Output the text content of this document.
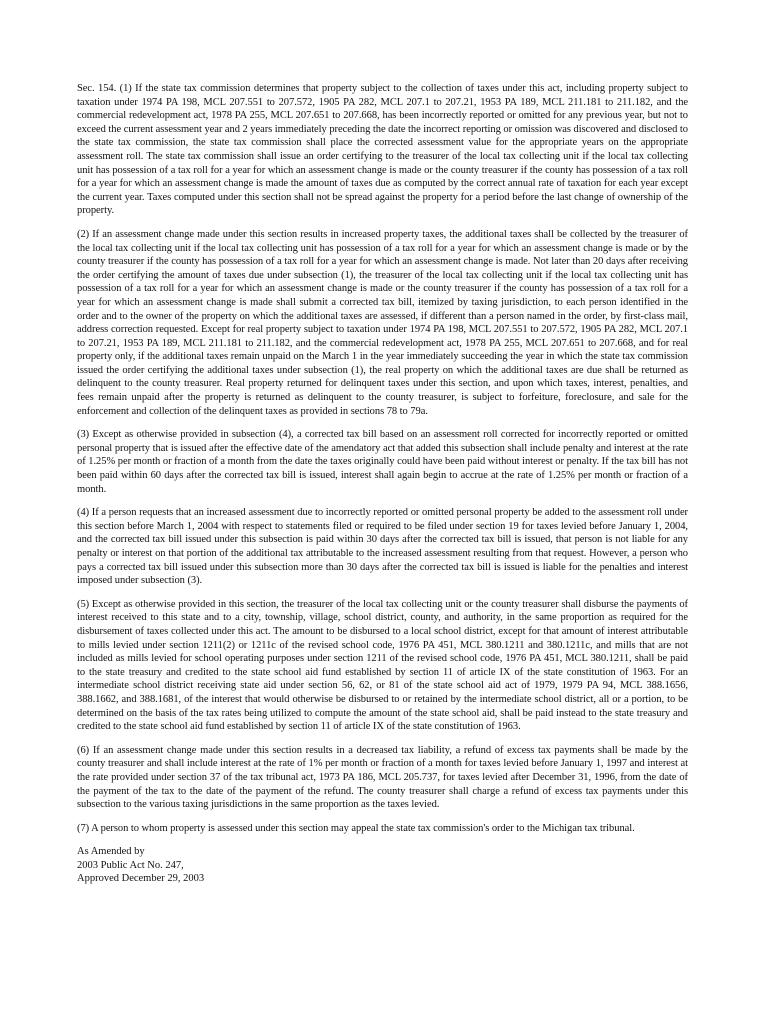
Sec. 154. (1) If the state tax commission determines that property subject to the collection of taxes under this act, including property subject to taxation under 1974 PA 198, MCL 207.551 to 207.572, 1905 PA 282, MCL 207.1 to 207.21, 1953 PA 189, MCL 211.181 to 211.182, and the commercial redevelopment act, 1978 PA 255, MCL 207.651 to 207.668, has been incorrectly reported or omitted for any previous year, but not to exceed the current assessment year and 2 years immediately preceding the date the incorrect reporting or omission was discovered and disclosed to the state tax commission, the state tax commission shall place the corrected assessment value for the appropriate years on the appropriate assessment roll. The state tax commission shall issue an order certifying to the treasurer of the local tax collecting unit if the local tax collecting unit has possession of a tax roll for a year for which an assessment change is made or the county treasurer if the county has possession of a tax roll for a year for which an assessment change is made the amount of taxes due as computed by the correct annual rate of taxation for each year except the current year. Taxes computed under this section shall not be spread against the property for a period before the last change of ownership of the property.

(2) If an assessment change made under this section results in increased property taxes, the additional taxes shall be collected by the treasurer of the local tax collecting unit if the local tax collecting unit has possession of a tax roll for a year for which an assessment change is made or by the county treasurer if the county has possession of a tax roll for a year for which an assessment change is made. Not later than 20 days after receiving the order certifying the amount of taxes due under subsection (1), the treasurer of the local tax collecting unit if the local tax collecting unit has possession of a tax roll for a year for which an assessment change is made or the county treasurer if the county has possession of a tax roll for a year for which an assessment change is made shall submit a corrected tax bill, itemized by taxing jurisdiction, to each person identified in the order and to the owner of the property on which the additional taxes are assessed, if different than a person named in the order, by first-class mail, address correction requested. Except for real property subject to taxation under 1974 PA 198, MCL 207.551 to 207.572, 1905 PA 282, MCL 207.1 to 207.21, 1953 PA 189, MCL 211.181 to 211.182, and the commercial redevelopment act, 1978 PA 255, MCL 207.651 to 207.668, and for real property only, if the additional taxes remain unpaid on the March 1 in the year immediately succeeding the year in which the state tax commission issued the order certifying the additional taxes under subsection (1), the real property on which the additional taxes are due shall be returned as delinquent to the county treasurer. Real property returned for delinquent taxes under this section, and upon which taxes, interest, penalties, and fees remain unpaid after the property is returned as delinquent to the county treasurer, is subject to forfeiture, foreclosure, and sale for the enforcement and collection of the delinquent taxes as provided in sections 78 to 79a.

(3) Except as otherwise provided in subsection (4), a corrected tax bill based on an assessment roll corrected for incorrectly reported or omitted personal property that is issued after the effective date of the amendatory act that added this subsection shall include penalty and interest at the rate of 1.25% per month or fraction of a month from the date the taxes originally could have been paid without interest or penalty. If the tax bill has not been paid within 60 days after the corrected tax bill is issued, interest shall again begin to accrue at the rate of 1.25% per month or fraction of a month.

(4) If a person requests that an increased assessment due to incorrectly reported or omitted personal property be added to the assessment roll under this section before March 1, 2004 with respect to statements filed or required to be filed under section 19 for taxes levied before January 1, 2004, and the corrected tax bill issued under this subsection is paid within 30 days after the corrected tax bill is issued, that person is not liable for any penalty or interest on that portion of the additional tax attributable to the increased assessment resulting from that request. However, a person who pays a corrected tax bill issued under this subsection more than 30 days after the corrected tax bill is issued is liable for the penalties and interest imposed under subsection (3).

(5) Except as otherwise provided in this section, the treasurer of the local tax collecting unit or the county treasurer shall disburse the payments of interest received to this state and to a city, township, village, school district, county, and authority, in the same proportion as required for the disbursement of taxes collected under this act. The amount to be disbursed to a local school district, except for that amount of interest attributable to mills levied under section 1211(2) or 1211c of the revised school code, 1976 PA 451, MCL 380.1211 and 380.1211c, and mills that are not included as mills levied for school operating purposes under section 1211 of the revised school code, 1976 PA 451, MCL 380.1211, shall be paid to the state treasury and credited to the state school aid fund established by section 11 of article IX of the state constitution of 1963. For an intermediate school district receiving state aid under section 56, 62, or 81 of the state school aid act of 1979, 1979 PA 94, MCL 388.1656, 388.1662, and 388.1681, of the interest that would otherwise be disbursed to or retained by the intermediate school district, all or a portion, to be determined on the basis of the tax rates being utilized to compute the amount of the state school aid, shall be paid instead to the state treasury and credited to the state school aid fund established by section 11 of article IX of the state constitution of 1963.

(6) If an assessment change made under this section results in a decreased tax liability, a refund of excess tax payments shall be made by the county treasurer and shall include interest at the rate of 1% per month or fraction of a month for taxes levied before January 1, 1997 and interest at the rate provided under section 37 of the tax tribunal act, 1973 PA 186, MCL 205.737, for taxes levied after December 31, 1996, from the date of the payment of the tax to the date of the payment of the refund. The county treasurer shall charge a refund of excess tax payments under this subsection to the various taxing jurisdictions in the same proportion as the taxes levied.

(7) A person to whom property is assessed under this section may appeal the state tax commission's order to the Michigan tax tribunal.

As Amended by
2003 Public Act No. 247,
Approved December 29, 2003
